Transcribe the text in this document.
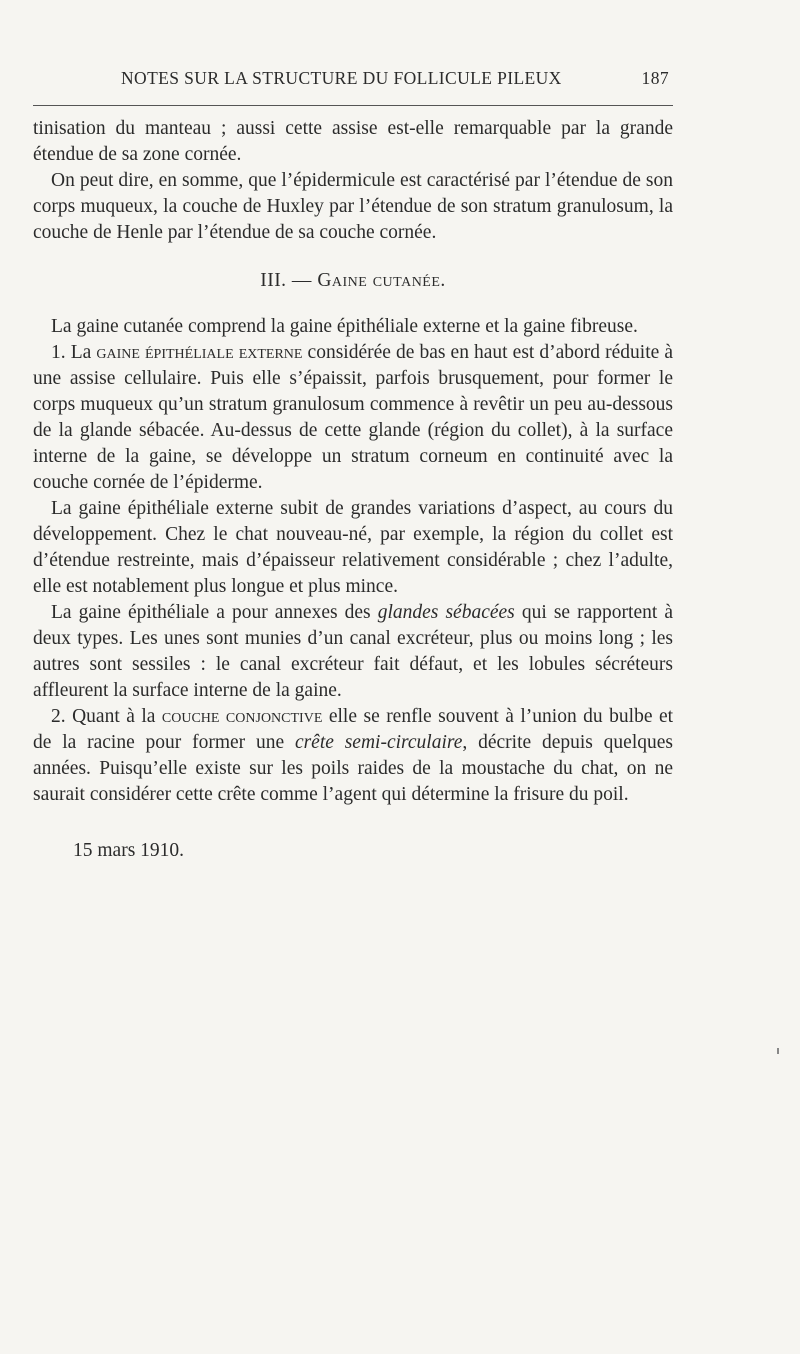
NOTES SUR LA STRUCTURE DU FOLLICULE PILEUX	187

tinisation du manteau ; aussi cette assise est-elle remarquable par la grande étendue de sa zone cornée.

On peut dire, en somme, que l’épidermicule est caractérisé par l’étendue de son corps muqueux, la couche de Huxley par l’étendue de son stratum granulosum, la couche de Henle par l’étendue de sa couche cornée.

III. — Gaine cutanée.

La gaine cutanée comprend la gaine épithéliale externe et la gaine fibreuse.

1. La gaine épithéliale externe considérée de bas en haut est d’abord réduite à une assise cellulaire. Puis elle s’épaissit, parfois brusquement, pour former le corps muqueux qu’un stratum granulosum commence à revêtir un peu au-dessous de la glande sébacée. Au-dessus de cette glande (région du collet), à la surface interne de la gaine, se développe un stratum corneum en continuité avec la couche cornée de l’épiderme.

La gaine épithéliale externe subit de grandes variations d’aspect, au cours du développement. Chez le chat nouveau-né, par exemple, la région du collet est d’étendue restreinte, mais d’épaisseur relativement considérable ; chez l’adulte, elle est notablement plus longue et plus mince.

La gaine épithéliale a pour annexes des glandes sébacées qui se rapportent à deux types. Les unes sont munies d’un canal excréteur, plus ou moins long ; les autres sont sessiles : le canal excréteur fait défaut, et les lobules sécréteurs affleurent la surface interne de la gaine.

2. Quant à la couche conjonctive elle se renfle souvent à l’union du bulbe et de la racine pour former une crête semi-circulaire, décrite depuis quelques années. Puisqu’elle existe sur les poils raides de la moustache du chat, on ne saurait considérer cette crête comme l’agent qui détermine la frisure du poil.

15 mars 1910.
